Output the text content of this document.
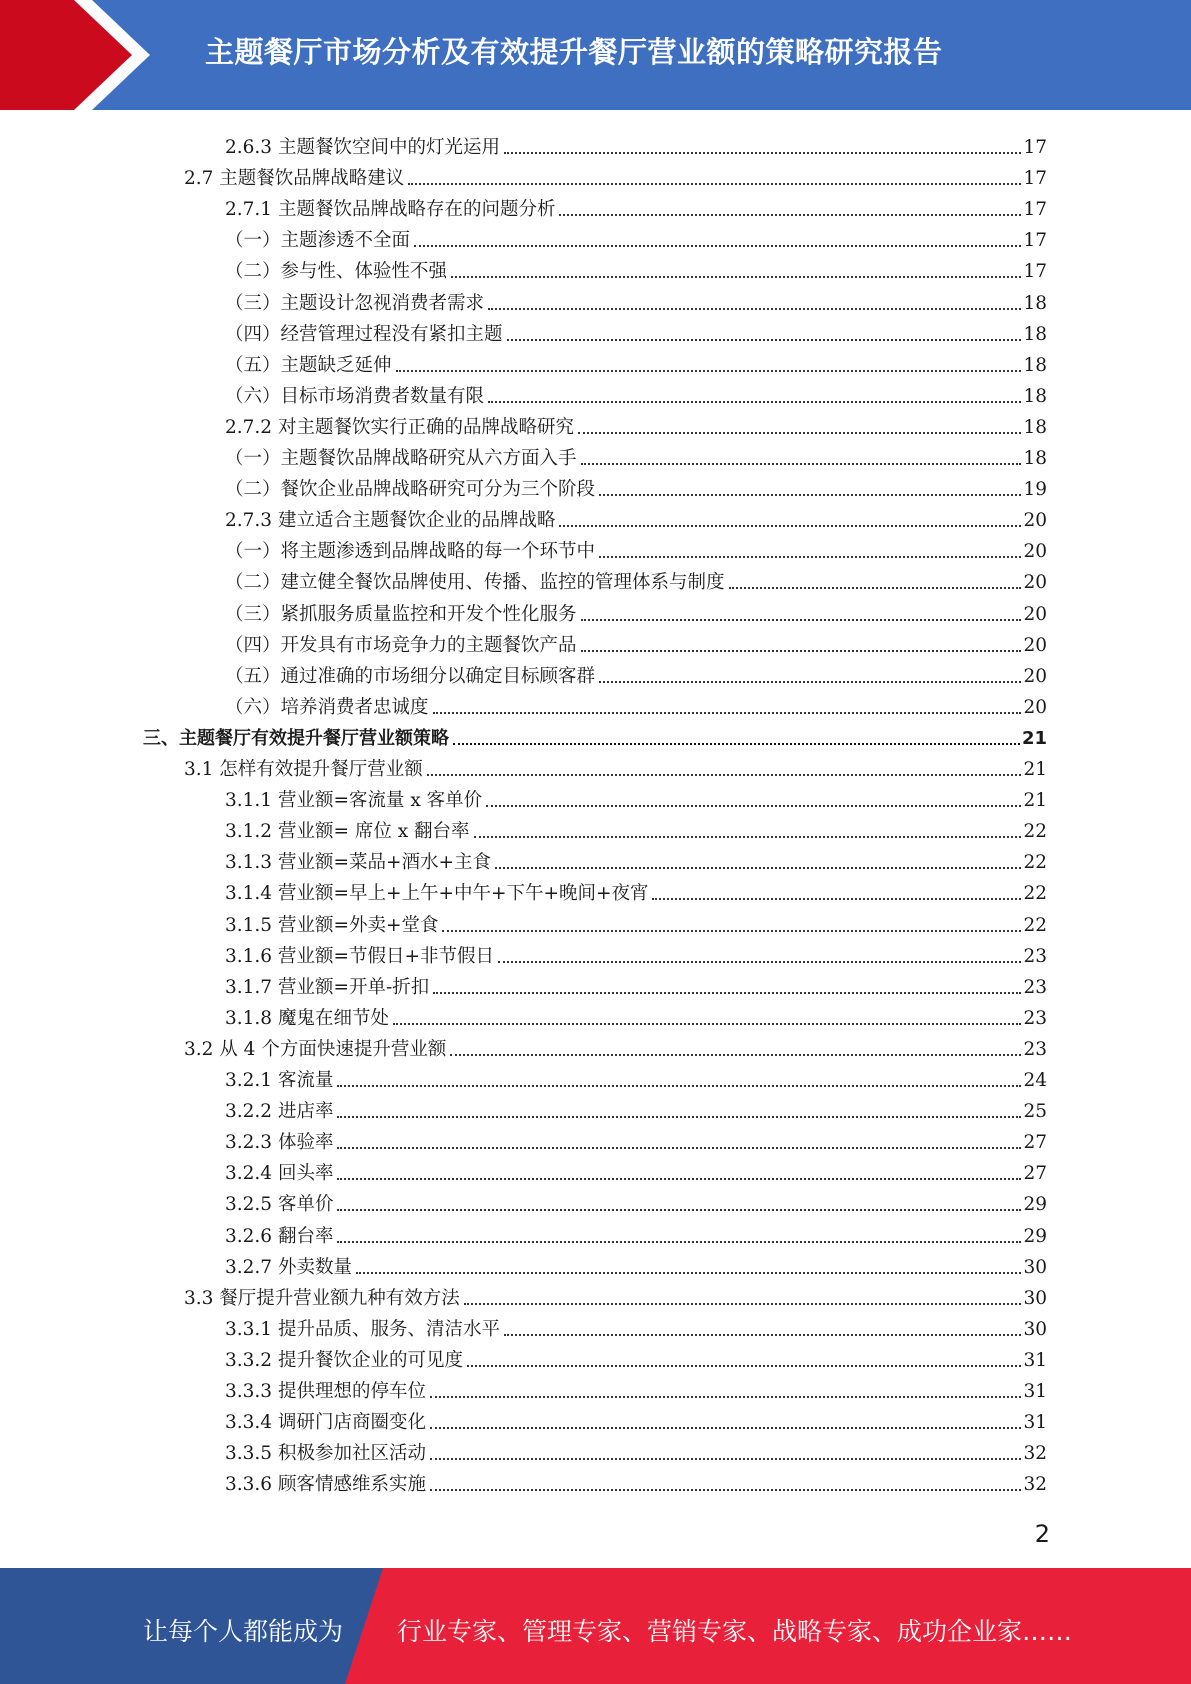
主题餐厅市场分析及有效提升餐厅营业额的策略研究报告
2.6.3 主题餐饮空间中的灯光运用	17
2.7 主题餐饮品牌战略建议	17
2.7.1 主题餐饮品牌战略存在的问题分析	17
（一）主题渗透不全面	17
（二）参与性、体验性不强	17
（三）主题设计忽视消费者需求	18
（四）经营管理过程没有紧扣主题	18
（五）主题缺乏延伸	18
（六）目标市场消费者数量有限	18
2.7.2 对主题餐饮实行正确的品牌战略研究	18
（一）主题餐饮品牌战略研究从六方面入手	18
（二）餐饮企业品牌战略研究可分为三个阶段	19
2.7.3 建立适合主题餐饮企业的品牌战略	20
（一）将主题渗透到品牌战略的每一个环节中	20
（二）建立健全餐饮品牌使用、传播、监控的管理体系与制度	20
（三）紧抓服务质量监控和开发个性化服务	20
（四）开发具有市场竞争力的主题餐饮产品	20
（五）通过准确的市场细分以确定目标顾客群	20
（六）培养消费者忠诚度	20
三、主题餐厅有效提升餐厅营业额策略	21
3.1 怎样有效提升餐厅营业额	21
3.1.1 营业额=客流量 x 客单价	21
3.1.2 营业额= 席位 x 翻台率	22
3.1.3 营业额=菜品+酒水+主食	22
3.1.4 营业额=早上+上午+中午+下午+晚间+夜宵	22
3.1.5 营业额=外卖+堂食	22
3.1.6 营业额=节假日+非节假日	23
3.1.7 营业额=开单-折扣	23
3.1.8 魔鬼在细节处	23
3.2 从 4 个方面快速提升营业额	23
3.2.1 客流量	24
3.2.2 进店率	25
3.2.3 体验率	27
3.2.4 回头率	27
3.2.5 客单价	29
3.2.6 翻台率	29
3.2.7 外卖数量	30
3.3 餐厅提升营业额九种有效方法	30
3.3.1 提升品质、服务、清洁水平	30
3.3.2 提升餐饮企业的可见度	31
3.3.3 提供理想的停车位	31
3.3.4 调研门店商圈变化	31
3.3.5 积极参加社区活动	32
3.3.6 顾客情感维系实施	32
2
让每个人都能成为 行业专家、管理专家、营销专家、战略专家、成功企业家……
